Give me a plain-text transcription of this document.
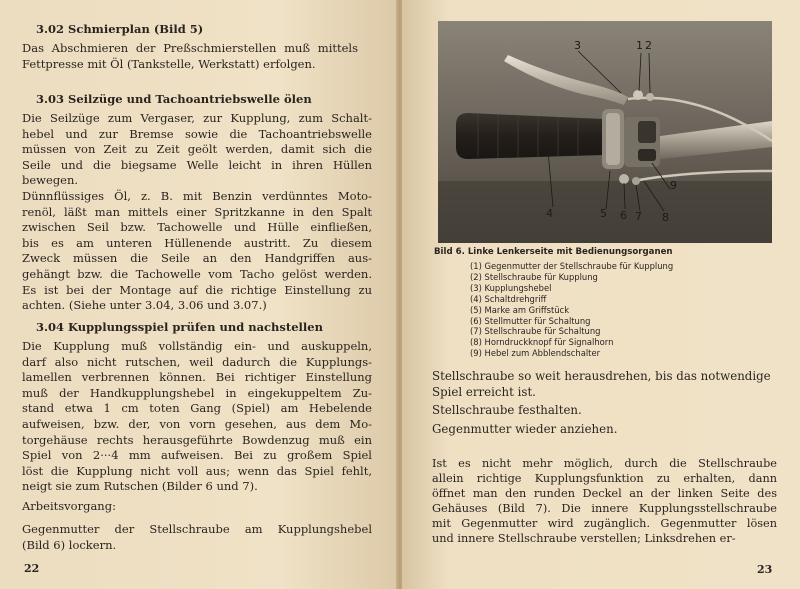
3.02 Schmierplan (Bild 5)
Das Abschmieren der Preßschmierstellen muß mittels
Fettpresse mit Öl (Tankstelle, Werkstatt) erfolgen.
3.03 Seilzüge und Tachoantriebswelle ölen
Die Seilzüge zum Vergaser, zur Kupplung, zum Schalt-
hebel und zur Bremse sowie die Tachoantriebswelle
müssen von Zeit zu Zeit geölt werden, damit sich die
Seile und die biegsame Welle leicht in ihren Hüllen
bewegen.
Dünnflüssiges Öl, z. B. mit Benzin verdünntes Moto-
renöl, läßt man mittels einer Spritzkanne in den Spalt
zwischen Seil bzw. Tachowelle und Hülle einfließen,
bis es am unteren Hüllenende austritt. Zu diesem
Zweck müssen die Seile an den Handgriffen aus-
gehängt bzw. die Tachowelle vom Tacho gelöst werden.
Es ist bei der Montage auf die richtige Einstellung zu
achten. (Siehe unter 3.04, 3.06 und 3.07.)
3.04 Kupplungsspiel prüfen und nachstellen
Die Kupplung muß vollständig ein- und auskuppeln,
darf also nicht rutschen, weil dadurch die Kupplungs-
lamellen verbrennen können. Bei richtiger Einstellung
muß der Handkupplungshebel in eingekuppeltem Zu-
stand etwa 1 cm toten Gang (Spiel) am Hebelende
aufweisen, bzw. der, von vorn gesehen, aus dem Mo-
torgehäuse rechts herausgeführte Bowdenzug muß ein
Spiel von 2···4 mm aufweisen. Bei zu großem Spiel
löst die Kupplung nicht voll aus; wenn das Spiel fehlt,
neigt sie zum Rutschen (Bilder 6 und 7).
Arbeitsvorgang:
Gegenmutter der Stellschraube am Kupplungshebel
(Bild 6) lockern.
22
3	1 2
4	5 6 7 8
9
Bild 6. Linke Lenkerseite mit Bedienungsorganen
(1) Gegenmutter der Stellschraube für Kupplung
(2) Stellschraube für Kupplung
(3) Kupplungshebel
(4) Schaltdrehgriff
(5) Marke am Griffstück
(6) Stellmutter für Schaltung
(7) Stellschraube für Schaltung
(8) Horndruckknopf für Signalhorn
(9) Hebel zum Abblendschalter
Stellschraube so weit herausdrehen, bis das notwendige
Spiel erreicht ist.
Stellschraube festhalten.
Gegenmutter wieder anziehen.
Ist es nicht mehr möglich, durch die Stellschraube
allein richtige Kupplungsfunktion zu erhalten, dann
öffnet man den runden Deckel an der linken Seite des
Gehäuses (Bild 7). Die innere Kupplungsstellschraube
mit Gegenmutter wird zugänglich. Gegenmutter lösen
und innere Stellschraube verstellen; Linksdrehen er-
23
